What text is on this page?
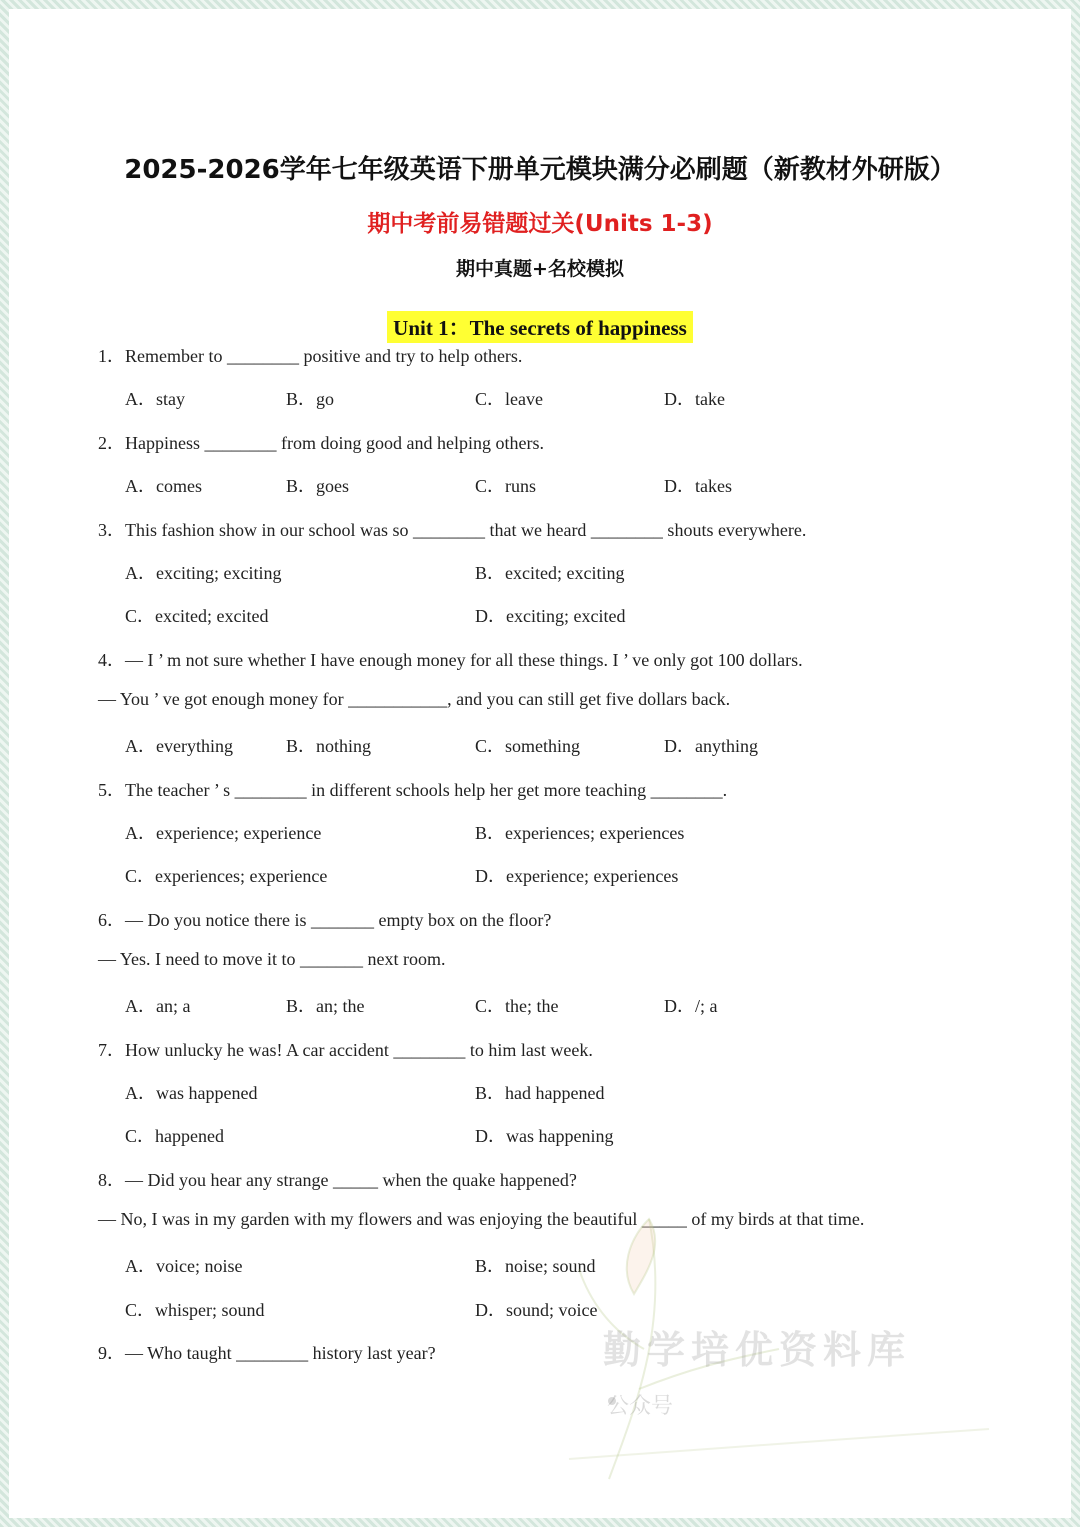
2025-2026学年七年级英语下册单元模块满分必刷题（新教材外研版）
期中考前易错题过关(Units 1-3)
期中真题+名校模拟
Unit 1：The secrets of happiness
1．Remember to ________ positive and try to help others.
A．stay	B．go	C．leave	D．take
2．Happiness ________ from doing good and helping others.
A．comes	B．goes	C．runs	D．takes
3．This fashion show in our school was so ________ that we heard ________ shouts everywhere.
A．exciting; exciting	B．excited; exciting
C．excited; excited	D．exciting; excited
4．— I ’ m not sure whether I have enough money for all these things. I ’ ve only got 100 dollars.
— You ’ ve got enough money for ___________, and you can still get five dollars back.
A．everything	B．nothing	C．something	D．anything
5．The teacher ’ s ________ in different schools help her get more teaching ________.
A．experience; experience	B．experiences; experiences
C．experiences; experience	D．experience; experiences
6．— Do you notice there is _______ empty box on the floor?
— Yes. I need to move it to _______ next room.
A．an; a	B．an; the	C．the; the	D．/; a
7．How unlucky he was! A car accident ________ to him last week.
A．was happened	B．had happened
C．happened	D．was happening
8．— Did you hear any strange _____ when the quake happened?
— No, I was in my garden with my flowers and was enjoying the beautiful _____ of my birds at that time.
A．voice; noise	B．noise; sound
C．whisper; sound	D．sound; voice
9．— Who taught ________ history last year?	勤学培优资料库
公众号
